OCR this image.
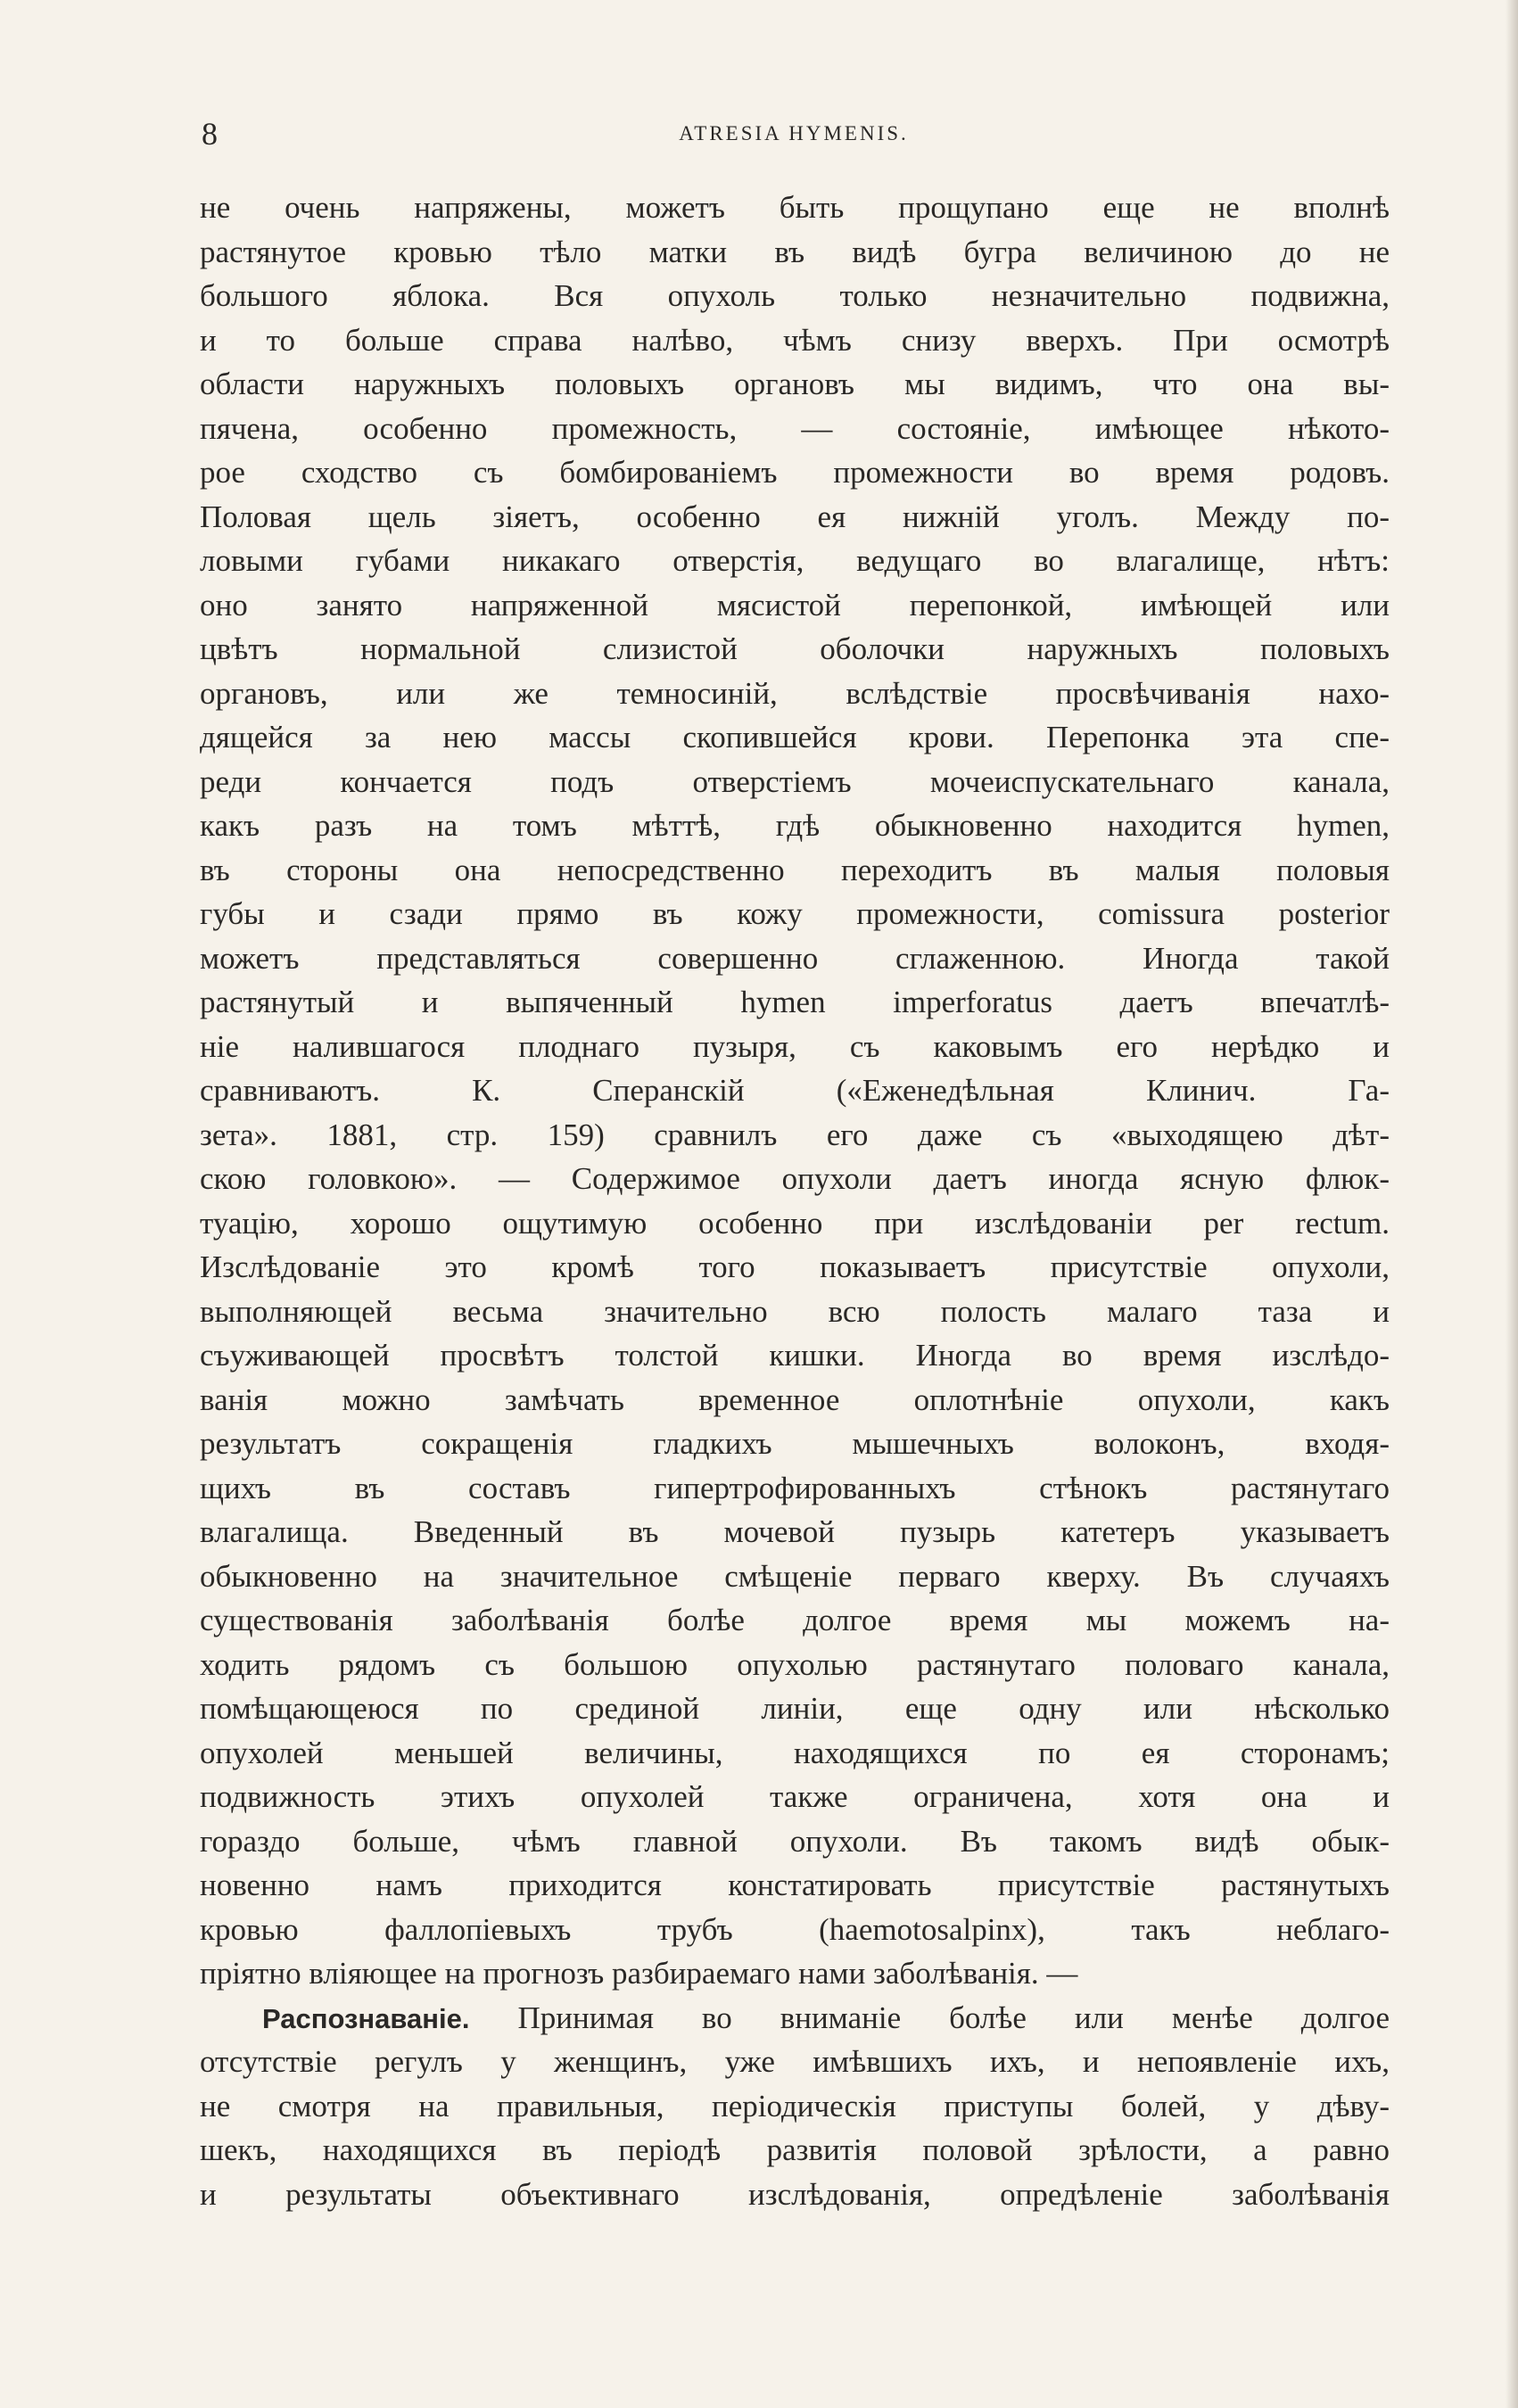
8	ATRESIA HYMENIS.
не очень напряжены, можетъ быть прощупано еще не вполнѣ
растянутое кровью тѣло матки въ видѣ бугра величиною до не
большого яблока. Вся опухоль только незначительно подвижна,
и то больше справа налѣво, чѣмъ снизу вверхъ. При осмотрѣ
области наружныхъ половыхъ органовъ мы видимъ, что она вы-
пячена, особенно промежность, — состояніе, имѣющее нѣкото-
рое сходство съ бомбированіемъ промежности во время родовъ.
Половая щель зіяетъ, особенно ея нижній уголъ. Между по-
ловыми губами никакаго отверстія, ведущаго во влагалище, нѣтъ:
оно занято напряженной мясистой перепонкой, имѣющей или
цвѣтъ нормальной слизистой оболочки наружныхъ половыхъ
органовъ, или же темносиній, вслѣдствіе просвѣчиванія нахо-
дящейся за нею массы скопившейся крови. Перепонка эта спе-
реди кончается подъ отверстіемъ мочеиспускательнаго канала,
какъ разъ на томъ мѣттѣ, гдѣ обыкновенно находится hymen,
въ стороны она непосредственно переходитъ въ малыя половыя
губы и сзади прямо въ кожу промежности, comissura posterior
можетъ представляться совершенно сглаженною. Иногда такой
растянутый и выпяченный hymen imperforatus даетъ впечатлѣ-
ніе налившагося плоднаго пузыря, съ каковымъ его нерѣдко и
сравниваютъ. К. Сперанскій («Еженедѣльная Клинич. Га-
зета». 1881, стр. 159) сравнилъ его даже съ «выходящею дѣт-
скою головкою». — Содержимое опухоли даетъ иногда ясную флюк-
туацію, хорошо ощутимую особенно при изслѣдованіи per rectum.
Изслѣдованіе это кромѣ того показываетъ присутствіе опухоли,
выполняющей весьма значительно всю полость малаго таза и
съуживающей просвѣтъ толстой кишки. Иногда во время изслѣдо-
ванія можно замѣчать временное оплотнѣніе опухоли, какъ
результатъ сокращенія гладкихъ мышечныхъ волоконъ, входя-
щихъ въ составъ гипертрофированныхъ стѣнокъ растянутаго
влагалища. Введенный въ мочевой пузырь катетеръ указываетъ
обыкновенно на значительное смѣщеніе перваго кверху. Въ случаяхъ
существованія заболѣванія болѣе долгое время мы можемъ на-
ходить рядомъ съ большою опухолью растянутаго половаго канала,
помѣщающеюся по срединой линіи, еще одну или нѣсколько
опухолей меньшей величины, находящихся по ея сторонамъ;
подвижность этихъ опухолей также ограничена, хотя она и
гораздо больше, чѣмъ главной опухоли. Въ такомъ видѣ обык-
новенно намъ приходится констатировать присутствіе растянутыхъ
кровью фаллопіевыхъ трубъ (haemotosalpinx), такъ неблаго-
пріятно вліяющее на прогнозъ разбираемаго нами заболѣванія. —
Распознаваніе. Принимая во вниманіе болѣе или менѣе долгое
отсутствіе регулъ у женщинъ, уже имѣвшихъ ихъ, и непоявленіе ихъ,
не смотря на правильныя, періодическія приступы болей, у дѣву-
шекъ, находящихся въ періодѣ развитія половой зрѣлости, а равно
и результаты объективнаго изслѣдованія, опредѣленіе заболѣванія
